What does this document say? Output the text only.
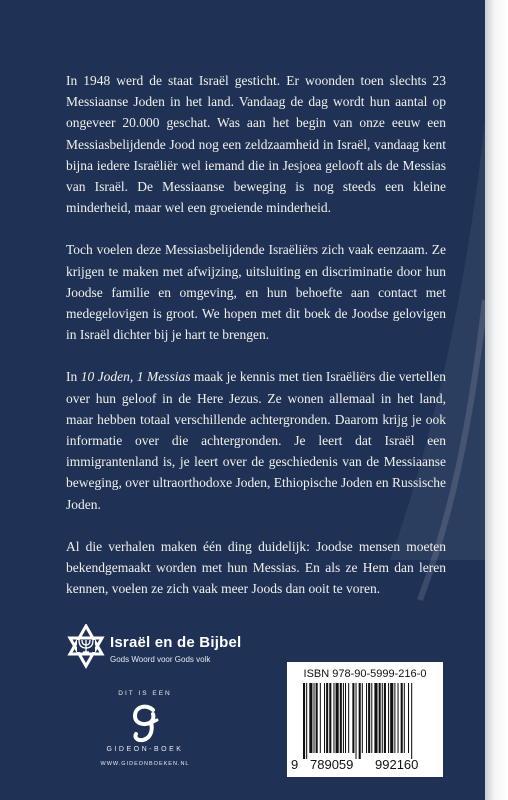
In 1948 werd de staat Israël gesticht. Er woonden toen slechts 23 Messiaanse Joden in het land. Vandaag de dag wordt hun aantal op ongeveer 20.000 geschat. Was aan het begin van onze eeuw een Messiasbelijdende Jood nog een zeldzaamheid in Israël, vandaag kent bijna iedere Israëliër wel iemand die in Jesjoea gelooft als de Messias van Israël. De Messiaanse beweging is nog steeds een kleine minderheid, maar wel een groeiende minderheid.

Toch voelen deze Messiasbelijdende Israëliërs zich vaak eenzaam. Ze krijgen te maken met afwijzing, uitsluiting en discriminatie door hun Joodse familie en omgeving, en hun behoefte aan contact met medegelovigen is groot. We hopen met dit boek de Joodse gelovigen in Israël dichter bij je hart te brengen.

In 10 Joden, 1 Messias maak je kennis met tien Israëliërs die vertellen over hun geloof in de Here Jezus. Ze wonen allemaal in het land, maar hebben totaal verschillende achtergronden. Daarom krijg je ook informatie over die achtergronden. Je leert dat Israël een immigrantenland is, je leert over de geschiedenis van de Messiaanse beweging, over ultraorthodoxe Joden, Ethiopische Joden en Russische Joden.

Al die verhalen maken één ding duidelijk: Joodse mensen moeten bekendgemaakt worden met hun Messias. En als ze Hem dan leren kennen, voelen ze zich vaak meer Joods dan ooit te voren.

Israël en de Bijbel
Gods Woord voor Gods volk
DIT IS EEN
GIDEON-BOEK
WWW.GIDEONBOEKEN.NL
ISBN 978-90-5999-216-0
9 789059 992160
